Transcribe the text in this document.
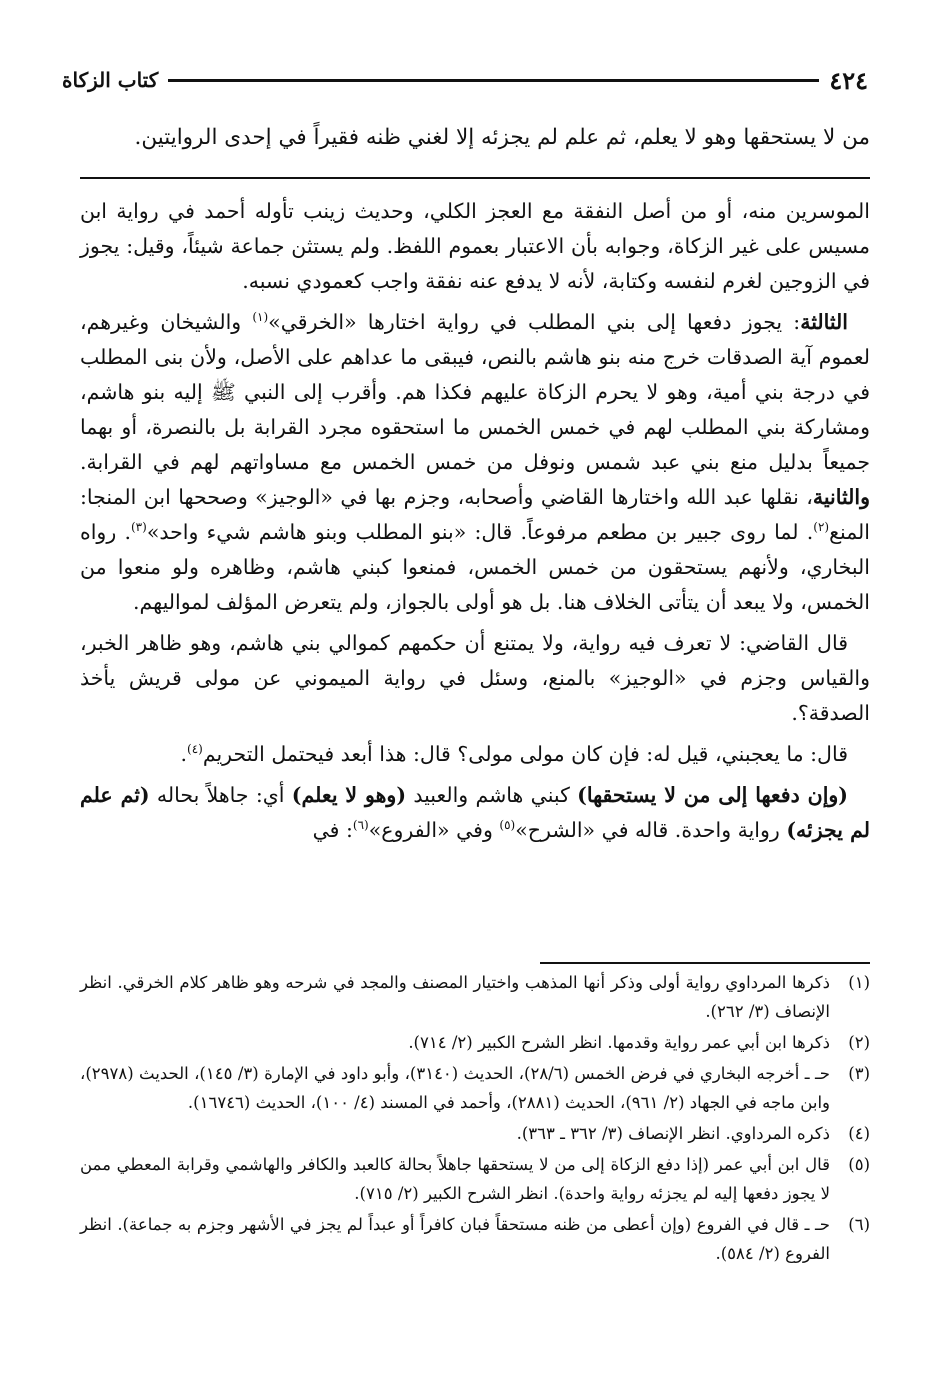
٤٢٤
كتاب الزكاة
من لا يستحقها وهو لا يعلم، ثم علم لم يجزئه إلا لغني ظنه فقيراً في إحدى الروايتين.

الموسرين منه، أو من أصل النفقة مع العجز الكلي، وحديث زينب تأوله أحمد في رواية ابن مسيس على غير الزكاة، وجوابه بأن الاعتبار بعموم اللفظ. ولم يستثن جماعة شيئاً، وقيل: يجوز في الزوجين لغرم لنفسه وكتابة، لأنه لا يدفع عنه نفقة واجب كعمودي نسبه.

الثالثة: يجوز دفعها إلى بني المطلب في رواية اختارها «الخرقي»$^{(١)}$ والشيخان وغيرهم، لعموم آية الصدقات خرج منه بنو هاشم بالنص، فيبقى ما عداهم على الأصل، ولأن بنى المطلب في درجة بني أمية، وهو لا يحرم الزكاة عليهم فكذا هم. وأقرب إلى النبي ﷺ إليه بنو هاشم، ومشاركة بني المطلب لهم في خمس الخمس ما استحقوه مجرد القرابة بل بالنصرة، أو بهما جميعاً بدليل منع بني عبد شمس ونوفل من خمس الخمس مع مساواتهم لهم في القرابة. والثانية، نقلها عبد الله واختارها القاضي وأصحابه، وجزم بها في «الوجيز» وصححها ابن المنجا: المنع$^{(٢)}$. لما روى جبير بن مطعم مرفوعاً. قال: «بنو المطلب وبنو هاشم شيء واحد»$^{(٣)}$. رواه البخاري، ولأنهم يستحقون من خمس الخمس، فمنعوا كبني هاشم، وظاهره ولو منعوا من الخمس، ولا يبعد أن يتأتى الخلاف هنا. بل هو أولى بالجواز، ولم يتعرض المؤلف لمواليهم.

قال القاضي: لا تعرف فيه رواية، ولا يمتنع أن حكمهم كموالي بني هاشم، وهو ظاهر الخبر، والقياس وجزم في «الوجيز» بالمنع، وسئل في رواية الميموني عن مولى قريش يأخذ الصدقة؟.

قال: ما يعجبني، قيل له: فإن كان مولى مولى؟ قال: هذا أبعد فيحتمل التحريم$^{(٤)}$.

(وإن دفعها إلى من لا يستحقها) كبني هاشم والعبيد (وهو لا يعلم) أي: جاهلاً بحاله (ثم علم لم يجزئه) رواية واحدة. قاله في «الشرح»$^{(٥)}$ وفي «الفروع»$^{(٦)}$: في

(١)
ذكرها المرداوي رواية أولى وذكر أنها المذهب واختيار المصنف والمجد في شرحه وهو ظاهر كلام الخرقي. انظر الإنصاف (٣/ ٢٦٢).
(٢)
ذكرها ابن أبي عمر رواية وقدمها. انظر الشرح الكبير (٢/ ٧١٤).
(٣)
حـ ـ أخرجه البخاري في فرض الخمس (٢٨/٦)، الحديث (٣١٤٠)، وأبو داود في الإمارة (٣/ ١٤٥)، الحديث (٢٩٧٨)، وابن ماجه في الجهاد (٢/ ٩٦١)، الحديث (٢٨٨١)، وأحمد في المسند (٤/ ١٠٠)، الحديث (١٦٧٤٦).
(٤)
ذكره المرداوي. انظر الإنصاف (٣/ ٣٦٢ ـ ٣٦٣).
(٥)
قال ابن أبي عمر (إذا دفع الزكاة إلى من لا يستحقها جاهلاً بحالة كالعبد والكافر والهاشمي وقرابة المعطي ممن لا يجوز دفعها إليه لم يجزئه رواية واحدة). انظر الشرح الكبير (٢/ ٧١٥).
(٦)
حـ ـ قال في الفروع (وإن أعطى من ظنه مستحقاً فبان كافراً أو عبداً لم يجز في الأشهر وجزم به جماعة). انظر الفروع (٢/ ٥٨٤).
